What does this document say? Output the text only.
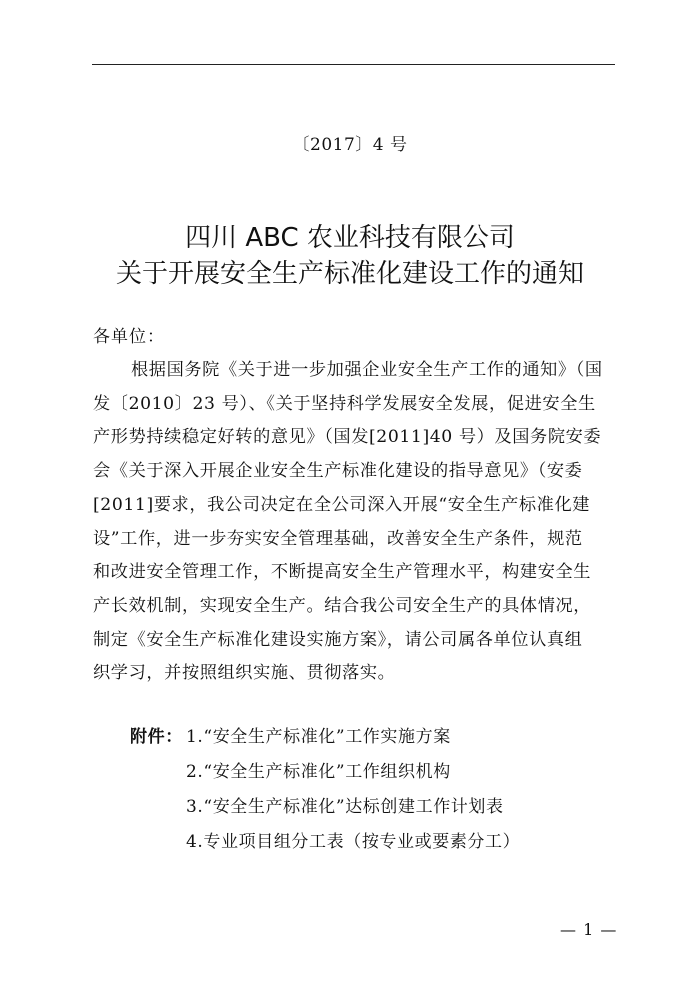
〔2017〕4 号
四川 ABC 农业科技有限公司
关于开展安全生产标准化建设工作的通知
各单位：
根据国务院《关于进一步加强企业安全生产工作的通知》（国
发〔2010〕23 号）、《关于坚持科学发展安全发展，促进安全生
产形势持续稳定好转的意见》（国发[2011]40 号）及国务院安委
会《关于深入开展企业安全生产标准化建设的指导意见》（安委
[2011]要求，我公司决定在全公司深入开展“安全生产标准化建
设”工作，进一步夯实安全管理基础，改善安全生产条件，规范
和改进安全管理工作，不断提高安全生产管理水平，构建安全生
产长效机制，实现安全生产。结合我公司安全生产的具体情况，
制定《安全生产标准化建设实施方案》，请公司属各单位认真组
织学习，并按照组织实施、贯彻落实。
附件： 1.“安全生产标准化”工作实施方案
2.“安全生产标准化”工作组织机构
3.“安全生产标准化”达标创建工作计划表
4.专业项目组分工表（按专业或要素分工）
— 1 —
